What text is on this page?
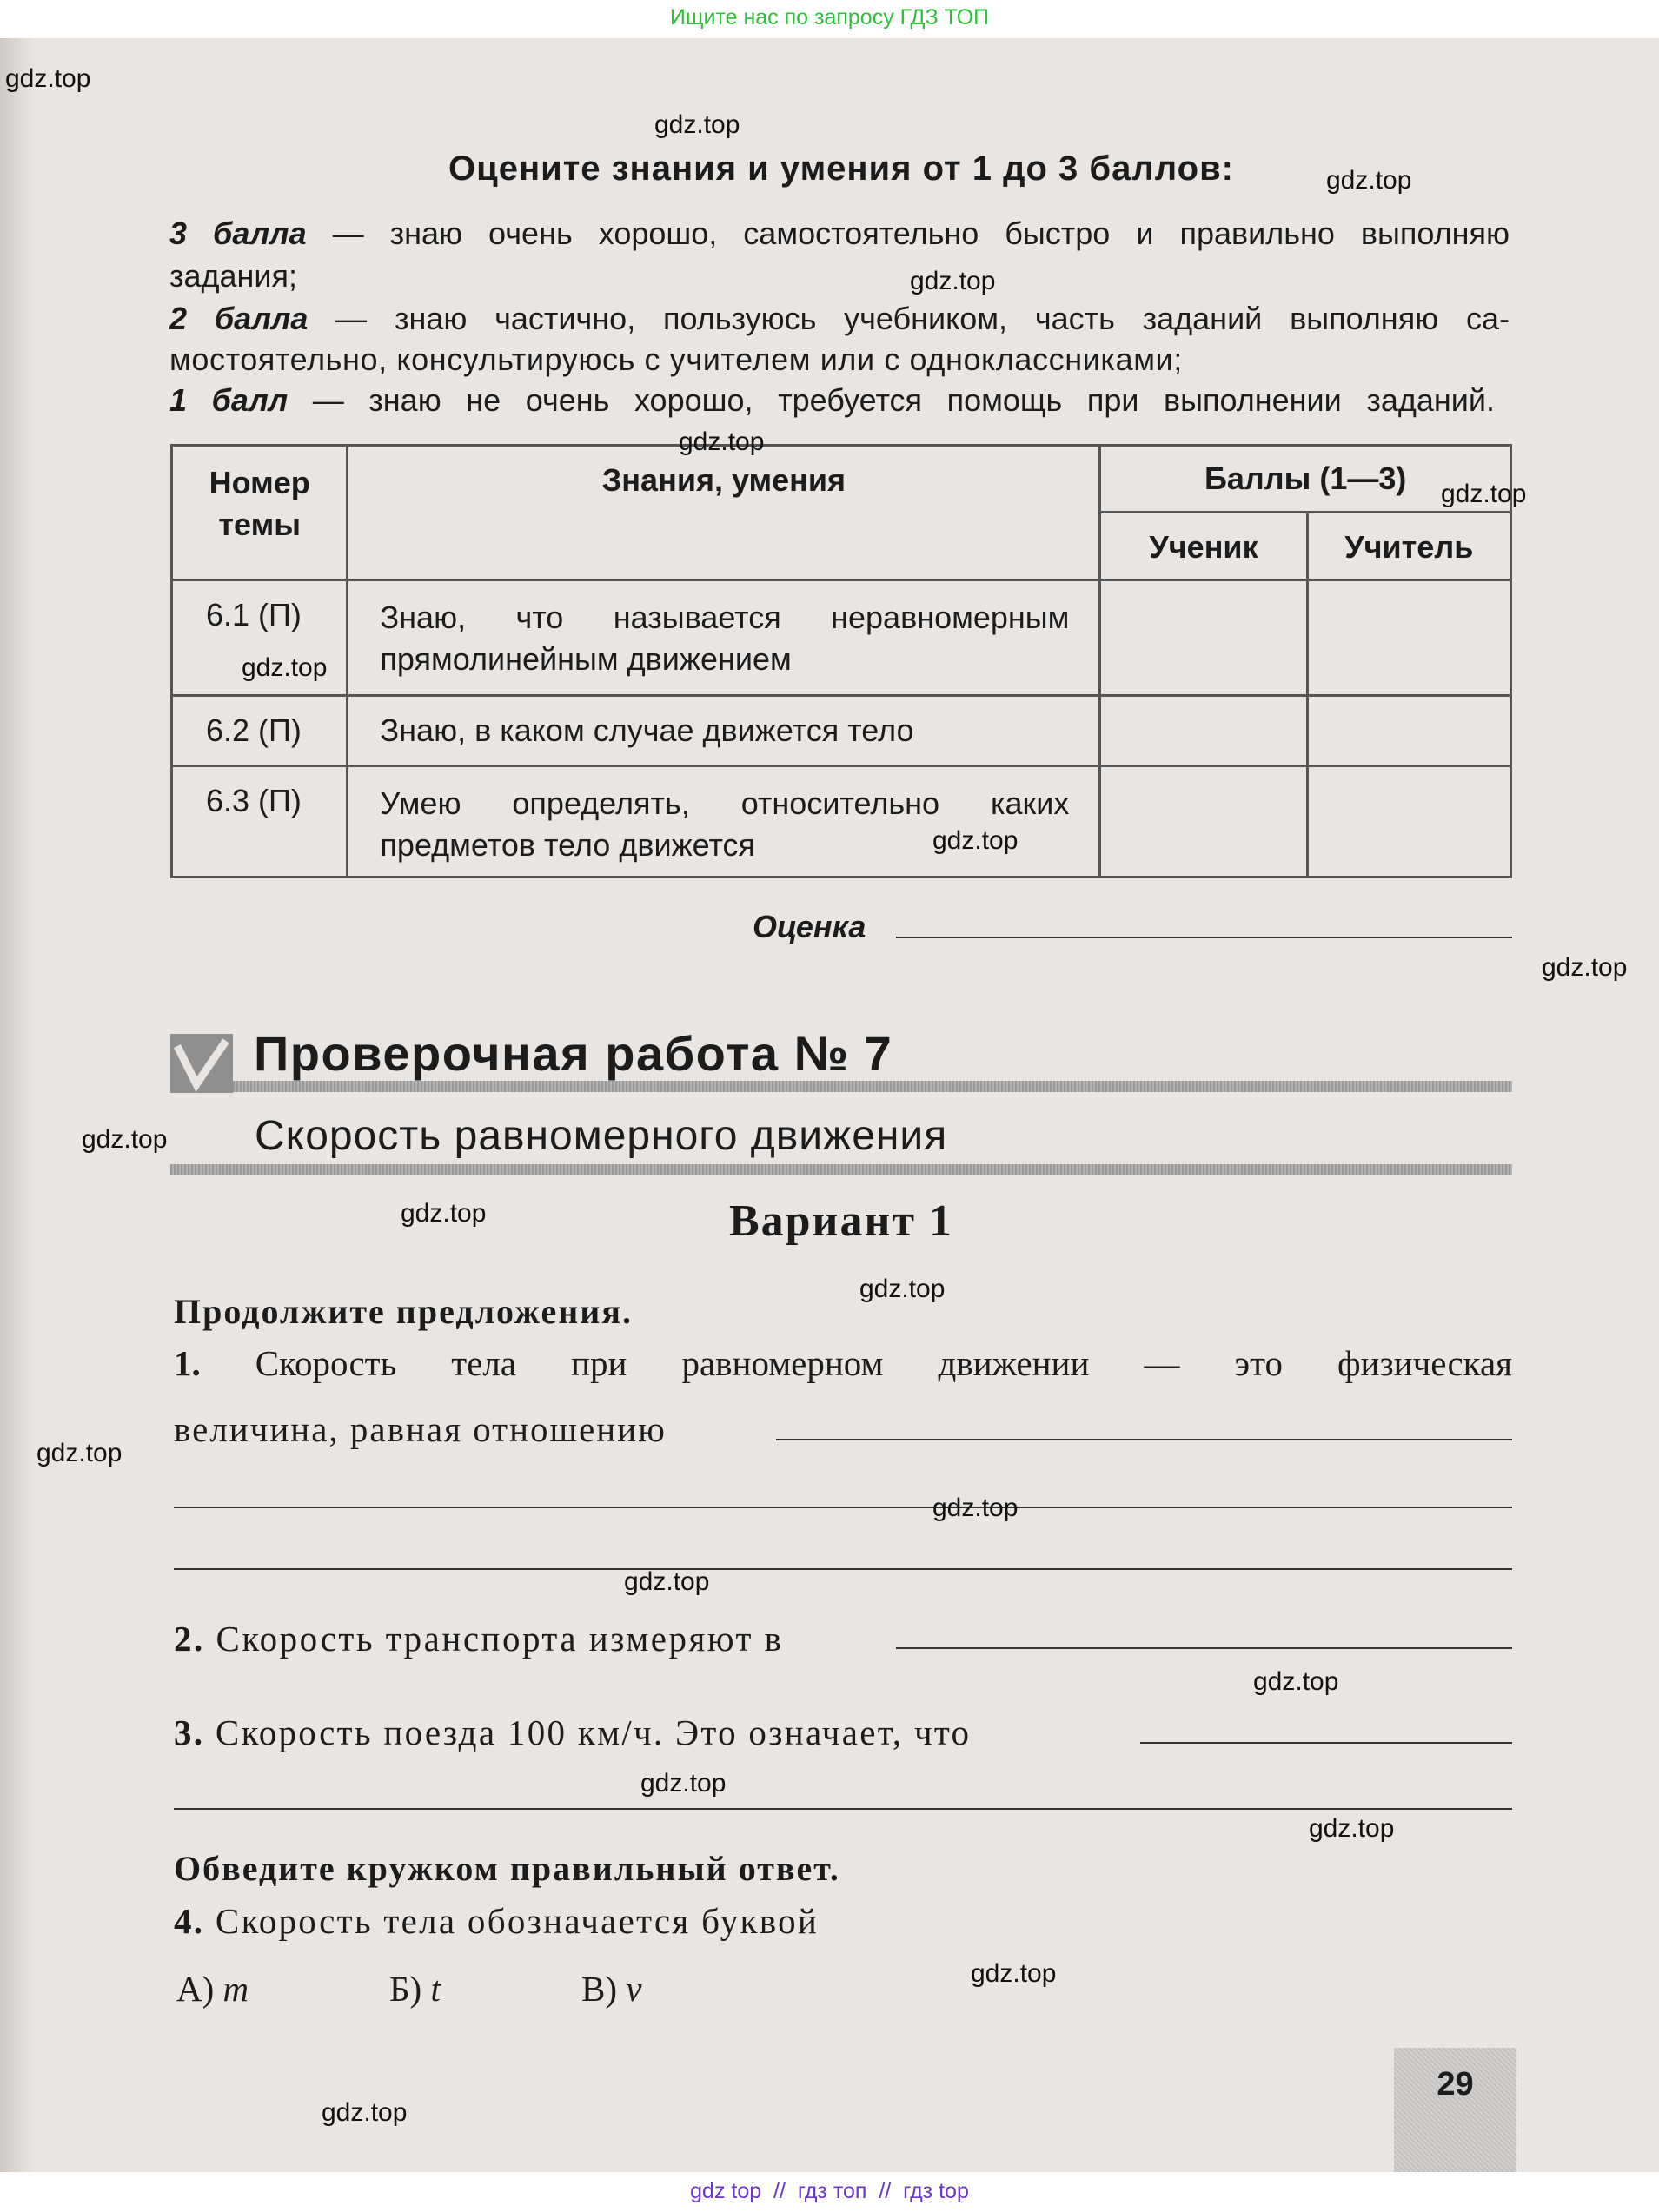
Ищите нас по запросу ГДЗ ТОП
Оцените знания и умения от 1 до 3 баллов:
3 балла — знаю очень хорошо, самостоятельно быстро и правильно выполняю
задания;
2 балла — знаю частично, пользуюсь учебником, часть заданий выполняю са-
мостоятельно, консультируюсь с учителем или с одноклассниками;
1 балл — знаю не очень хорошо, требуется помощь при выполнении заданий.
Номер темы	Знания, умения	Баллы (1—3)	
		Ученик	Учитель
6.1 (П)	Знаю, что называется неравномерным
прямолинейным движением		

6.2 (П)	Знаю, в каком случае движется тело		
6.3 (П)	Умею определять, относительно каких
предметов тело движется		

Оценка
Проверочная работа № 7
Скорость равномерного движения
Вариант 1
Продолжите предложения.
1. Скорость тела при равномерном движении — это физическая
величина, равная отношению
2. Скорость транспорта измеряют в
3. Скорость поезда 100 км/ч. Это означает, что
Обведите кружком правильный ответ.
4. Скорость тела обозначается буквой
А) m	Б) t	В) v
29
gdz.top
gdz.top
gdz.top
gdz.top
gdz.top
gdz.top
gdz.top
gdz.top
gdz.top
gdz.top
gdz.top
gdz.top
gdz.top
gdz.top
gdz.top
gdz.top
gdz.top
gdz.top
gdz.top
gdz.top
gdz top  //  гдз топ  //  гдз top
